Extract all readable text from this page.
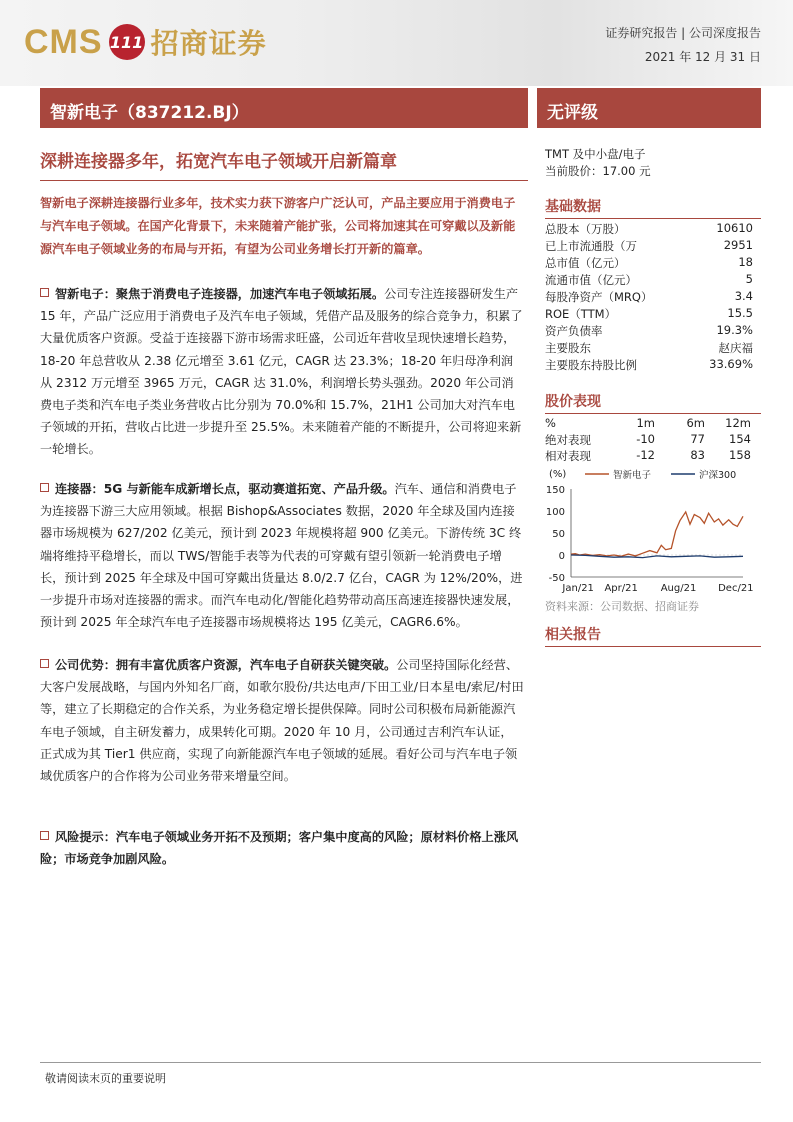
CMS 111 招商证券	证券研究报告 | 公司深度报告
2021 年 12 月 31 日
智新电子（837212.BJ）
深耕连接器多年，拓宽汽车电子领域开启新篇章
智新电子深耕连接器行业多年，技术实力获下游客户广泛认可，产品主要应用于消费电子与汽车电子领域。在国产化背景下，未来随着产能扩张，公司将加速其在可穿戴以及新能源汽车电子领域业务的布局与开拓，有望为公司业务增长打开新的篇章。
智新电子：聚焦于消费电子连接器，加速汽车电子领域拓展。公司专注连接器研发生产 15 年，产品广泛应用于消费电子及汽车电子领域，凭借产品及服务的综合竞争力，积累了大量优质客户资源。受益于连接器下游市场需求旺盛，公司近年营收呈现快速增长趋势，18-20 年总营收从 2.38 亿元增至 3.61 亿元，CAGR 达 23.3%；18-20 年归母净利润从 2312 万元增至 3965 万元，CAGR 达 31.0%，利润增长势头强劲。2020 年公司消费电子类和汽车电子类业务营收占比分别为 70.0%和 15.7%，21H1 公司加大对汽车电子领域的开拓，营收占比进一步提升至 25.5%。未来随着产能的不断提升，公司将迎来新一轮增长。
连接器：5G 与新能车成新增长点，驱动赛道拓宽、产品升级。汽车、通信和消费电子为连接器下游三大应用领域。根据 Bishop&Associates 数据，2020 年全球及国内连接器市场规模为 627/202 亿美元，预计到 2023 年规模将超 900 亿美元。下游传统 3C 终端将维持平稳增长，而以 TWS/智能手表等为代表的可穿戴有望引领新一轮消费电子增长，预计到 2025 年全球及中国可穿戴出货量达 8.0/2.7 亿台，CAGR 为 12%/20%，进一步提升市场对连接器的需求。而汽车电动化/智能化趋势带动高压高速连接器快速发展，预计到 2025 年全球汽车电子连接器市场规模将达 195 亿美元，CAGR6.6%。
公司优势：拥有丰富优质客户资源，汽车电子自研获关键突破。公司坚持国际化经营、大客户发展战略，与国内外知名厂商，如歌尔股份/共达电声/下田工业/日本星电/索尼/村田等，建立了长期稳定的合作关系，为业务稳定增长提供保障。同时公司积极布局新能源汽车电子领域，自主研发蓄力，成果转化可期。2020 年 10 月，公司通过吉利汽车认证，正式成为其 Tier1 供应商，实现了向新能源汽车电子领域的延展。看好公司与汽车电子领域优质客户的合作将为公司业务带来增量空间。
风险提示：汽车电子领域业务开拓不及预期；客户集中度高的风险；原材料价格上涨风险；市场竞争加剧风险。
无评级
TMT 及中小盘/电子
当前股价：17.00 元
基础数据
总股本（万股）	10610
已上市流通股（万	2951
总市值（亿元）	18
流通市值（亿元）	5
每股净资产（MRQ）	3.4
ROE（TTM）	15.5
资产负债率	19.3%
主要股东	赵庆福
主要股东持股比例	33.69%
股价表现
%	1m	6m	12m
绝对表现	-10	77	154
相对表现	-12	83	158
(%)
150
100
50
0
-50
Jan/21 Apr/21 Aug/21 Dec/21
智新电子	沪深300
资料来源：公司数据、招商证券
相关报告
敬请阅读末页的重要说明
